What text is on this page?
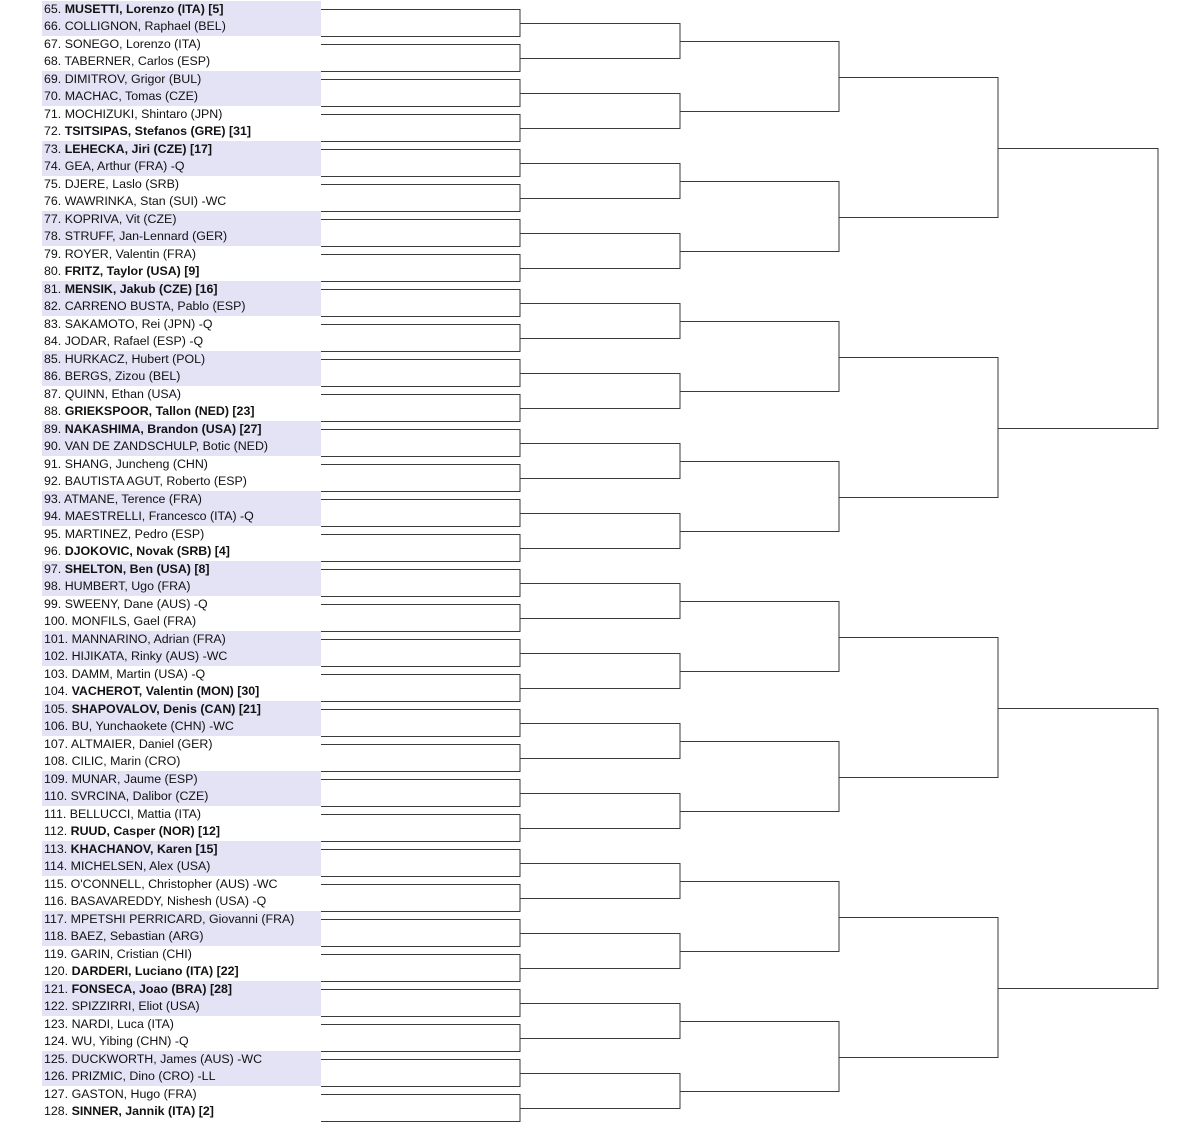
65. MUSETTI, Lorenzo (ITA) [5]
66. COLLIGNON, Raphael (BEL)
67. SONEGO, Lorenzo (ITA)
68. TABERNER, Carlos (ESP)
69. DIMITROV, Grigor (BUL)
70. MACHAC, Tomas (CZE)
71. MOCHIZUKI, Shintaro (JPN)
72. TSITSIPAS, Stefanos (GRE) [31]
73. LEHECKA, Jiri (CZE) [17]
74. GEA, Arthur (FRA) -Q
75. DJERE, Laslo (SRB)
76. WAWRINKA, Stan (SUI) -WC
77. KOPRIVA, Vit (CZE)
78. STRUFF, Jan-Lennard (GER)
79. ROYER, Valentin (FRA)
80. FRITZ, Taylor (USA) [9]
81. MENSIK, Jakub (CZE) [16]
82. CARRENO BUSTA, Pablo (ESP)
83. SAKAMOTO, Rei (JPN) -Q
84. JODAR, Rafael (ESP) -Q
85. HURKACZ, Hubert (POL)
86. BERGS, Zizou (BEL)
87. QUINN, Ethan (USA)
88. GRIEKSPOOR, Tallon (NED) [23]
89. NAKASHIMA, Brandon (USA) [27]
90. VAN DE ZANDSCHULP, Botic (NED)
91. SHANG, Juncheng (CHN)
92. BAUTISTA AGUT, Roberto (ESP)
93. ATMANE, Terence (FRA)
94. MAESTRELLI, Francesco (ITA) -Q
95. MARTINEZ, Pedro (ESP)
96. DJOKOVIC, Novak (SRB) [4]
97. SHELTON, Ben (USA) [8]
98. HUMBERT, Ugo (FRA)
99. SWEENY, Dane (AUS) -Q
100. MONFILS, Gael (FRA)
101. MANNARINO, Adrian (FRA)
102. HIJIKATA, Rinky (AUS) -WC
103. DAMM, Martin (USA) -Q
104. VACHEROT, Valentin (MON) [30]
105. SHAPOVALOV, Denis (CAN) [21]
106. BU, Yunchaokete (CHN) -WC
107. ALTMAIER, Daniel (GER)
108. CILIC, Marin (CRO)
109. MUNAR, Jaume (ESP)
110. SVRCINA, Dalibor (CZE)
111. BELLUCCI, Mattia (ITA)
112. RUUD, Casper (NOR) [12]
113. KHACHANOV, Karen [15]
114. MICHELSEN, Alex (USA)
115. O'CONNELL, Christopher (AUS) -WC
116. BASAVAREDDY, Nishesh (USA) -Q
117. MPETSHI PERRICARD, Giovanni (FRA)
118. BAEZ, Sebastian (ARG)
119. GARIN, Cristian (CHI)
120. DARDERI, Luciano (ITA) [22]
121. FONSECA, Joao (BRA) [28]
122. SPIZZIRRI, Eliot (USA)
123. NARDI, Luca (ITA)
124. WU, Yibing (CHN) -Q
125. DUCKWORTH, James (AUS) -WC
126. PRIZMIC, Dino (CRO) -LL
127. GASTON, Hugo (FRA)
128. SINNER, Jannik (ITA) [2]
